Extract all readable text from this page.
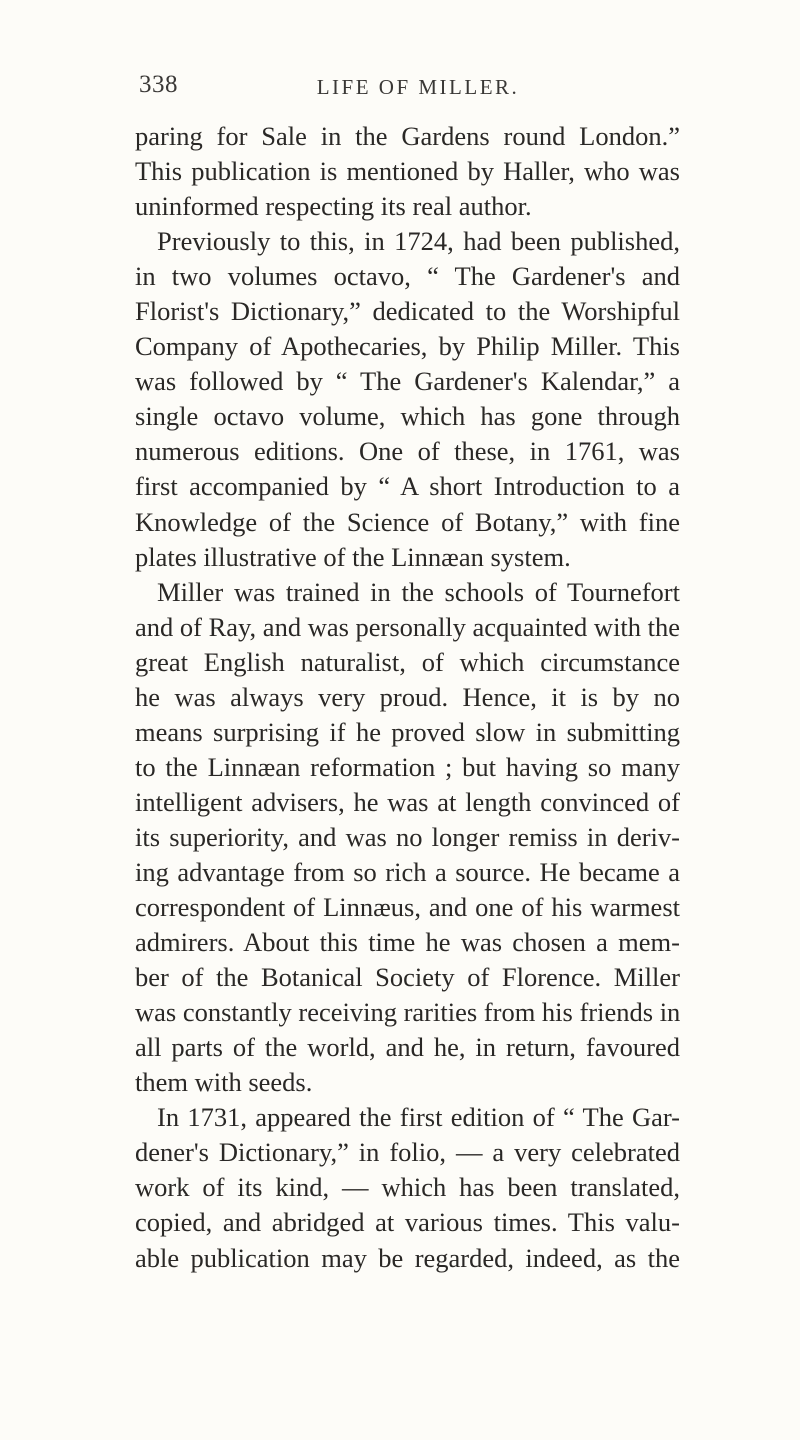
338	LIFE OF MILLER.
paring for Sale in the Gardens round London.”
This publication is mentioned by Haller, who was
uninformed respecting its real author.
Previously to this, in 1724, had been published,
in two volumes octavo, “ The Gardener's and
Florist's Dictionary,” dedicated to the Worshipful
Company of Apothecaries, by Philip Miller. This
was followed by “ The Gardener's Kalendar,” a
single octavo volume, which has gone through
numerous editions. One of these, in 1761, was
first accompanied by “ A short Introduction to a
Knowledge of the Science of Botany,” with fine
plates illustrative of the Linnæan system.
Miller was trained in the schools of Tournefort
and of Ray, and was personally acquainted with the
great English naturalist, of which circumstance
he was always very proud. Hence, it is by no
means surprising if he proved slow in submitting
to the Linnæan reformation ; but having so many
intelligent advisers, he was at length convinced of
its superiority, and was no longer remiss in deriv-
ing advantage from so rich a source. He became a
correspondent of Linnæus, and one of his warmest
admirers. About this time he was chosen a mem-
ber of the Botanical Society of Florence. Miller
was constantly receiving rarities from his friends in
all parts of the world, and he, in return, favoured
them with seeds.
In 1731, appeared the first edition of “ The Gar-
dener's Dictionary,” in folio, — a very celebrated
work of its kind, — which has been translated,
copied, and abridged at various times. This valu-
able publication may be regarded, indeed, as the
